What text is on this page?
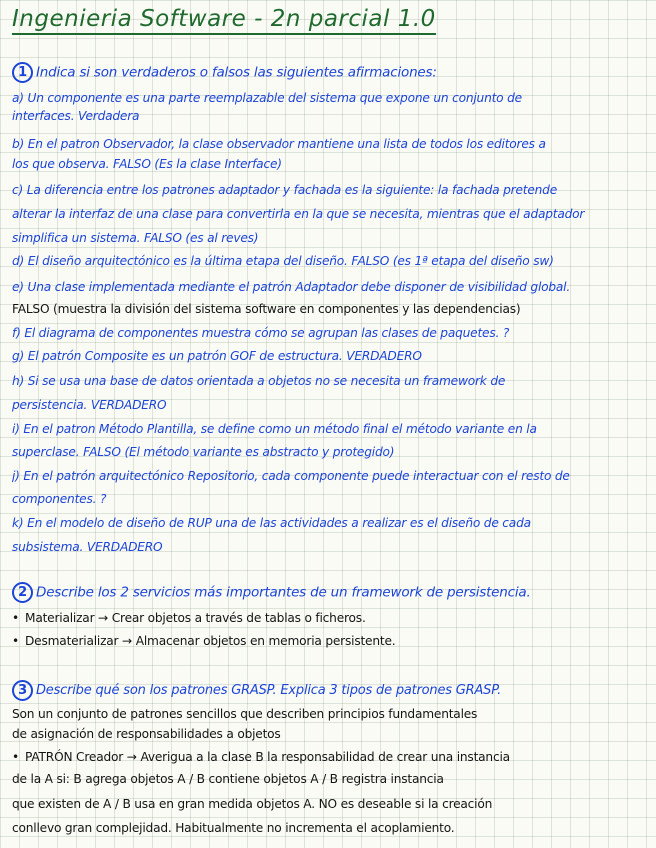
Ingenieria Software - 2n parcial 1.0
1 Indica si son verdaderos o falsos las siguientes afirmaciones:
a) Un componente es una parte reemplazable del sistema que expone un conjunto de
interfaces. Verdadera
b) En el patron Observador, la clase observador mantiene una lista de todos los editores a
los que observa. FALSO (Es la clase Interface)
c) La diferencia entre los patrones adaptador y fachada es la siguiente: la fachada pretende
alterar la interfaz de una clase para convertirla en la que se necesita, mientras que el adaptador
simplifica un sistema. FALSO (es al reves)
d) El diseño arquitectónico es la última etapa del diseño. FALSO (es 1ª etapa del diseño sw)
e) Una clase implementada mediante el patrón Adaptador debe disponer de visibilidad global.
FALSO (muestra la división del sistema software en componentes y las dependencias)
f) El diagrama de componentes muestra cómo se agrupan las clases de paquetes. ?
g) El patrón Composite es un patrón GOF de estructura. VERDADERO
h) Si se usa una base de datos orientada a objetos no se necesita un framework de
persistencia. VERDADERO
i) En el patron Método Plantilla, se define como un método final el método variante en la
superclase. FALSO (El método variante es abstracto y protegido)
j) En el patrón arquitectónico Repositorio, cada componente puede interactuar con el resto de
componentes. ?
k) En el modelo de diseño de RUP una de las actividades a realizar es el diseño de cada
subsistema. VERDADERO
2 Describe los 2 servicios más importantes de un framework de persistencia.
• Materializar → Crear objetos a través de tablas o ficheros.
• Desmaterializar → Almacenar objetos en memoria persistente.
3 Describe qué son los patrones GRASP. Explica 3 tipos de patrones GRASP.
Son un conjunto de patrones sencillos que describen principios fundamentales
de asignación de responsabilidades a objetos
• PATRÓN Creador → Averigua a la clase B la responsabilidad de crear una instancia
de la A si: B agrega objetos A / B contiene objetos A / B registra instancia
que existen de A / B usa en gran medida objetos A. NO es deseable si la creación
conllevo gran complejidad. Habitualmente no incrementa el acoplamiento.
